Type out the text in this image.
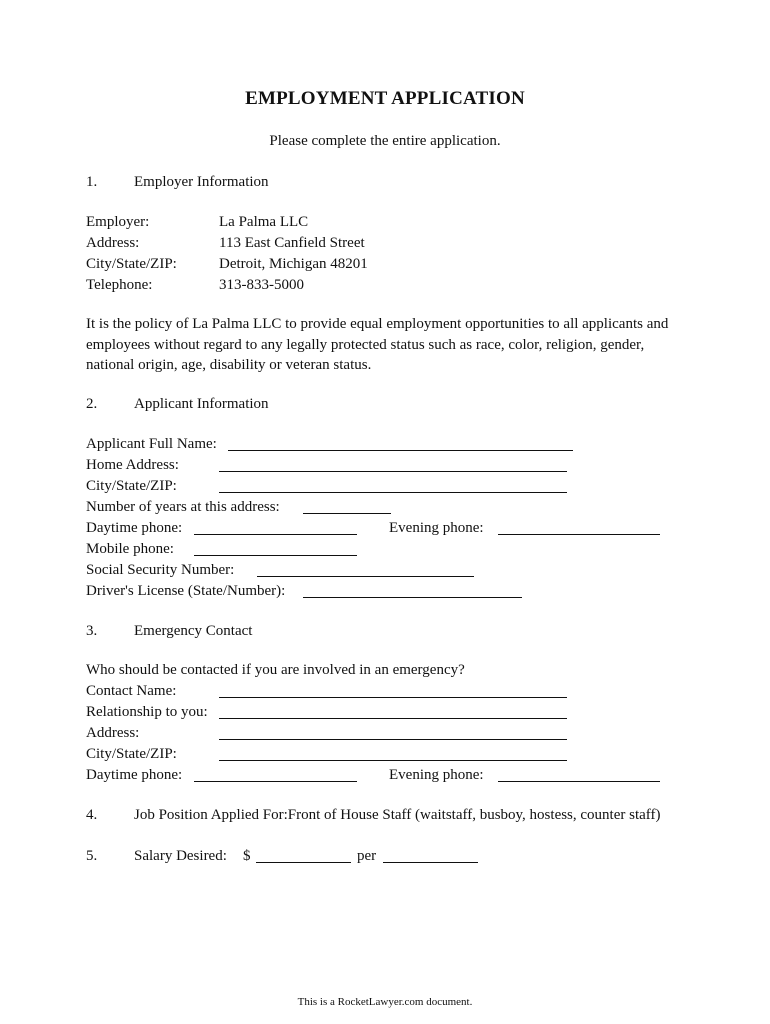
EMPLOYMENT APPLICATION
Please complete the entire application.
1. Employer Information
Employer:	La Palma LLC
Address:	113 East Canfield Street
City/State/ZIP:	Detroit, Michigan 48201
Telephone:	313-833-5000
It is the policy of La Palma LLC to provide equal employment opportunities to all applicants and employees without regard to any legally protected status such as race, color, religion, gender, national origin, age, disability or veteran status.
2. Applicant Information
Applicant Full Name:
Home Address:
City/State/ZIP:
Number of years at this address:
Daytime phone:	Evening phone:
Mobile phone:
Social Security Number:
Driver's License (State/Number):
3. Emergency Contact
Who should be contacted if you are involved in an emergency?
Contact Name:
Relationship to you:
Address:
City/State/ZIP:
Daytime phone:	Evening phone:
4. Job Position Applied For:Front of House Staff (waitstaff, busboy, hostess, counter staff)
5. Salary Desired: $	per
This is a RocketLawyer.com document.
